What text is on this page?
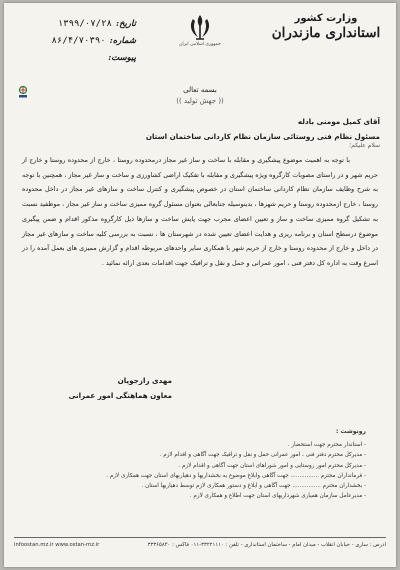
وزارت کشور
استانداری مازندران
جمهوری اسلامی ایران
تاریخ:
۱۳۹۹/۰۷/۲۸
شماره:
۸۶/۴/۷۰۳۹۰
پیوست:
بسمه تعالی
(( جهش تولید ))
آقای کمیل مومنی بادله
مسئول نظام فنی روستائی سازمان نظام کاردانی ساختمان استان
سلام علیکم؛
با توجه به اهمیت موضوع پیشگیری و مقابله با ساخت و ساز غیر مجاز درمحدوده روستا ، خارج از محدوده روستا و خارج از حریم شهر و در راستای مصوبات کارگروه ویژه پیشگیری و مقابله با تفکیک اراضی کشاورزی و ساخت و ساز غیر مجاز ، همچنین با توجه به شرح وظایف سازمان نظام کاردانی ساختمان استان در خصوص پیشگیری و کنترل ساخت و سازهای غیر مجاز در داخل محدوده روستا ، خارج ازمحدوده روستا و حریم شهرها ، بدینوسیله جنابعالی بعنوان مسئول گروه ممیزی ساخت و ساز غیر مجاز ، موظفید نسبت به تشکیل گروه ممیزی ساخت و ساز و تعیین اعضای مجرب جهت پایش ساخت و سازها ذیل کارگروه مذکور اقدام و ضمن پیگیری موضوع درسطح استان و برنامه ریزی و هدایت اعضای تعیین شده در شهرستان ها ، نسبت به بررسی کلیه ساخت و سازهای غیر مجاز در داخل و خارج از محدوده روستا و خارج از حریم شهر با همکاری سایر واحدهای مربوطه اقدام و گزارش ممیزی های بعمل آمده را در اسرع وقت به اداره کل دفتر فنی ، امور عمرانی و حمل و نقل و ترافیک جهت اقدامات بعدی ارائه نمائید .
مهدی رازجویان
معاون هماهنگی امور عمرانی
رونوشت :
- استاندار محترم جهت استحضار .
- مدیرکل محترم دفتر فنی ، امور عمرانی حمل و نقل و ترافیک جهت آگاهی و اقدام لازم .
- مدیرکل محترم امور روستایی و امور شوراهای استان جهت آگاهی و اقدام لازم .
- فرمانداران محترم ................ جهت آگاهی وابلاغ موضوع به بخشداریها و دهیاریهای استان جهت همکاری لازم .
- بخشداران محترم ................ جهت آگاهی و ابلاغ و دستور همکاری لازم توسط دهیاریها استان .
- مدیرعامل سازمان همیاری شهرداریهای استان جهت اطلاع و همکاری لازم .
آدرس : ساری - خیابان انقلاب - میدان امام - ساختمان استانداری - تلفن : ۳۳۲۲۱۱۱۰-۰۱۱ فاکس : ۳۳۳۶۵۸۴۰
infoostan.mz.ir www.ostan-mz.ir
